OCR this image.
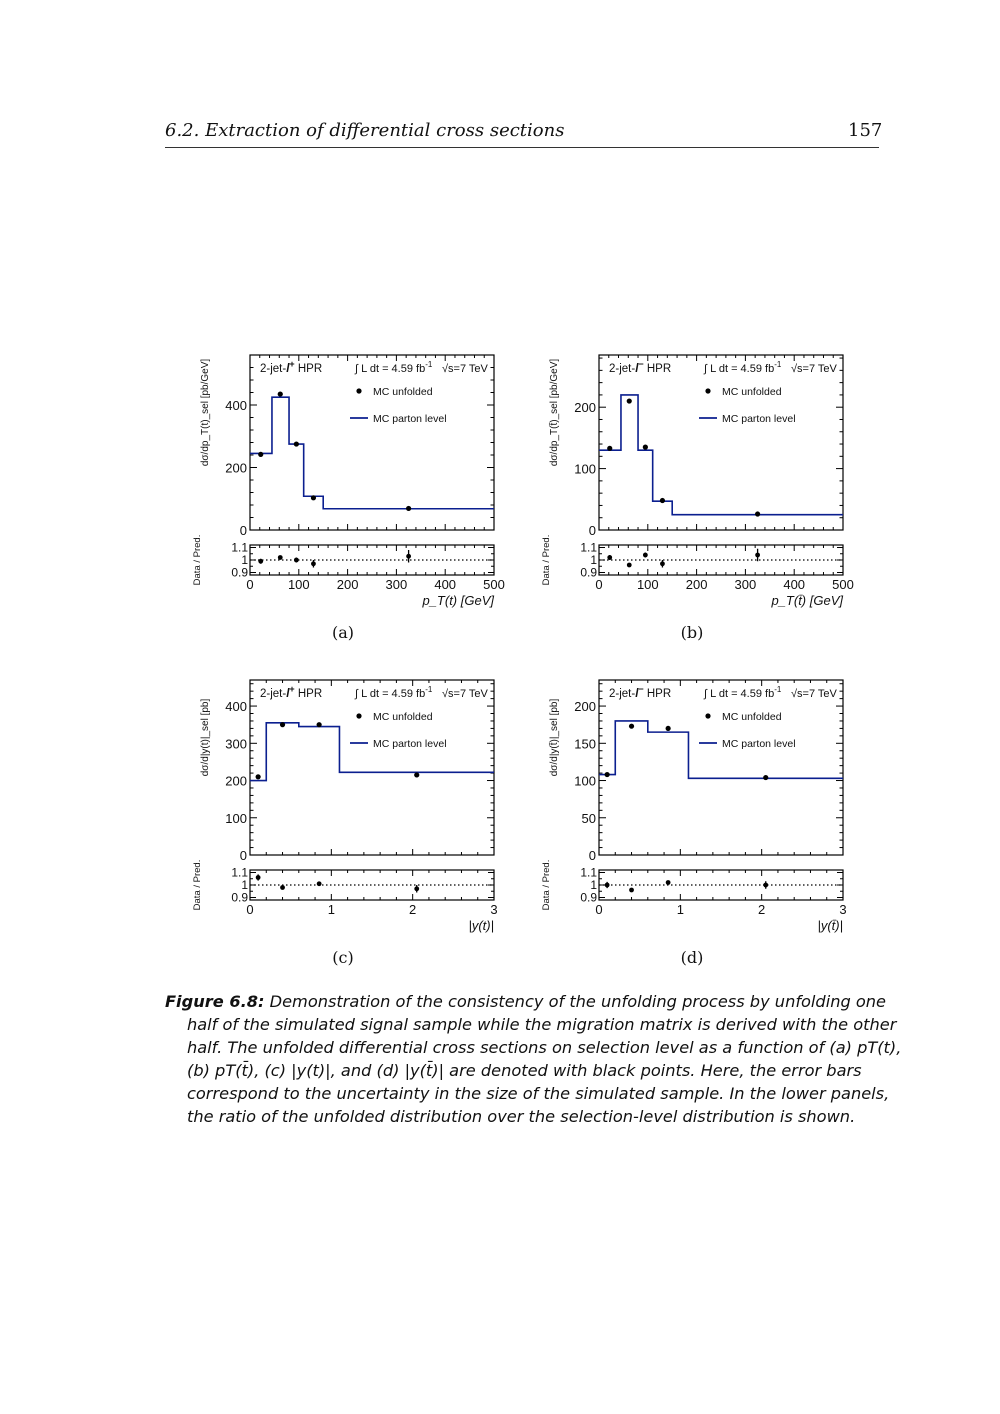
6.2. Extraction of differential cross sections	157
0	100 200 300 400 500
0
200
400
1.1
1
0.9
2-jet-l+ HPR	∫ L dt = 4.59 $fb^{-1}$ √s=7 TeV
MC unfolded
MC parton level
p_T(t) [GeV]
dσ/dp_T(t)_sel [pb/GeV]
Data / Pred.
(a)
0	100 200 300 400 500
0
100
200
1.1
1
0.9
2-jet-l− HPR	∫ L dt = 4.59 $fb^{-1}$ √s=7 TeV
MC unfolded
MC parton level
p_T(t̄) [GeV]
dσ/dp_T(t̄)_sel [pb/GeV]
Data / Pred.
(b)
0	1	2	3
0
100
200
300
400
1.1
1
0.9
2-jet-l+ HPR	∫ L dt = 4.59 $fb^{-1}$ √s=7 TeV
MC unfolded
MC parton level
|y(t)|
dσ/d|y(t)|_sel [pb]
Data / Pred.
(c)
0	1	2	3
0
50
100
150
200
1.1
1
0.9
2-jet-l− HPR	∫ L dt = 4.59 $fb^{-1}$ √s=7 TeV
MC unfolded
MC parton level
|y(t̄)|
dσ/d|y(t̄)|_sel [pb]
Data / Pred.
(d)
Figure 6.8: Demonstration of the consistency of the unfolding process by unfolding one half of the simulated signal sample while the migration matrix is derived with the other half. The unfolded differential cross sections on selection level as a function of (a) pT(t), (b) pT(t̄), (c) |y(t)|, and (d) |y(t̄)| are denoted with black points. Here, the error bars correspond to the uncertainty in the size of the simulated sample. In the lower panels, the ratio of the unfolded distribution over the selection-level distribution is shown.
